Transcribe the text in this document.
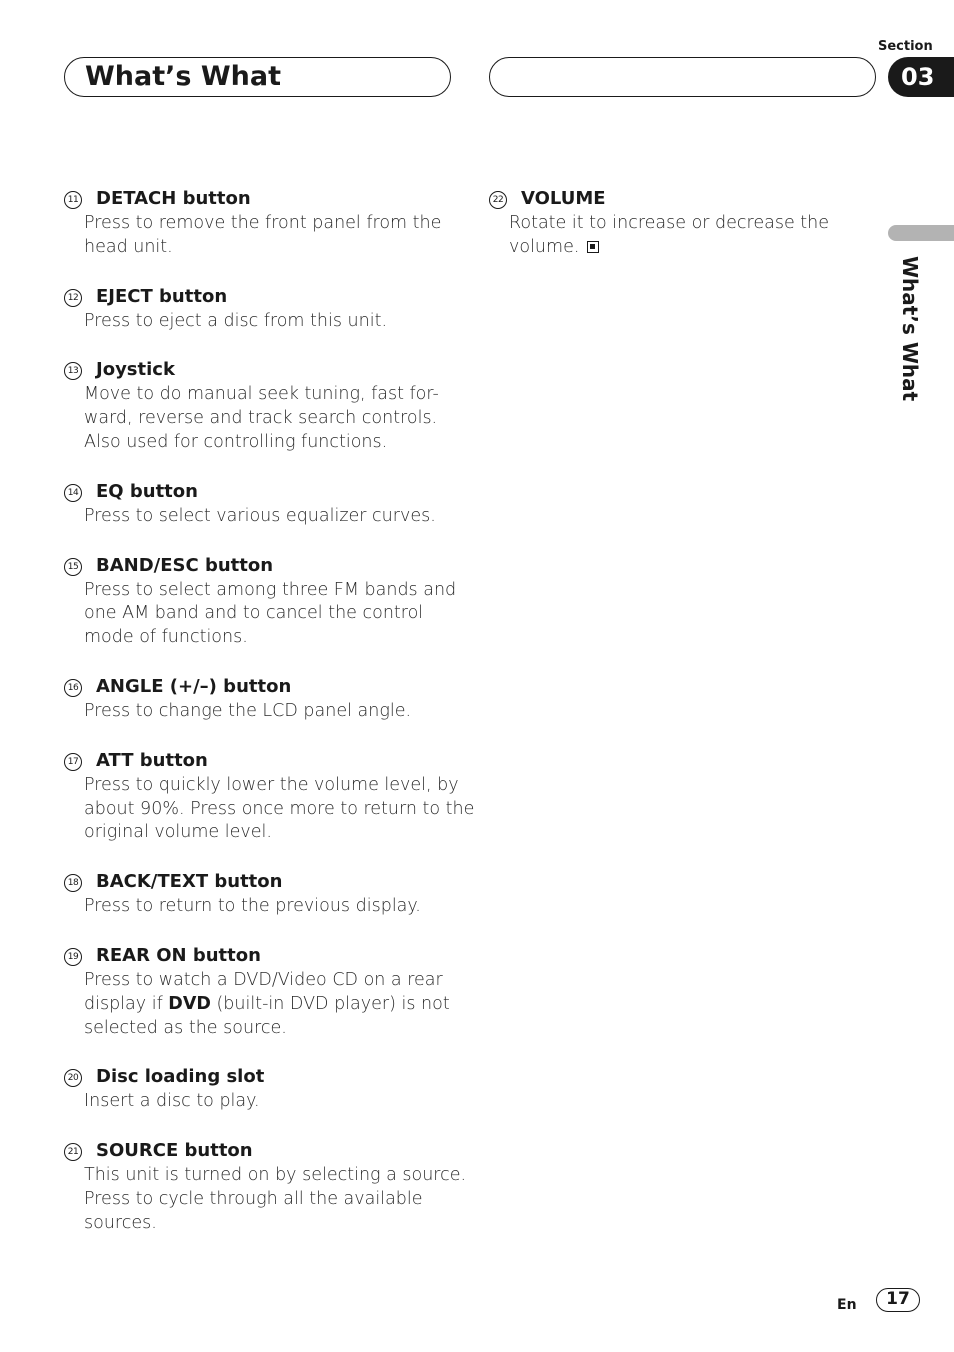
What’s What
Section
03
What’s What
11 DETACH button
Press to remove the front panel from the
head unit.
12 EJECT button
Press to eject a disc from this unit.
13 Joystick
Move to do manual seek tuning, fast for-
ward, reverse and track search controls.
Also used for controlling functions.
14 EQ button
Press to select various equalizer curves.
15 BAND/ESC button
Press to select among three FM bands and
one AM band and to cancel the control
mode of functions.
16 ANGLE (+/–) button
Press to change the LCD panel angle.
17 ATT button
Press to quickly lower the volume level, by
about 90%. Press once more to return to the
original volume level.
18 BACK/TEXT button
Press to return to the previous display.
19 REAR ON button
Press to watch a DVD/Video CD on a rear
display if DVD (built-in DVD player) is not
selected as the source.
20 Disc loading slot
Insert a disc to play.
21 SOURCE button
This unit is turned on by selecting a source.
Press to cycle through all the available
sources.
22 VOLUME
Rotate it to increase or decrease the
volume.
En	17
